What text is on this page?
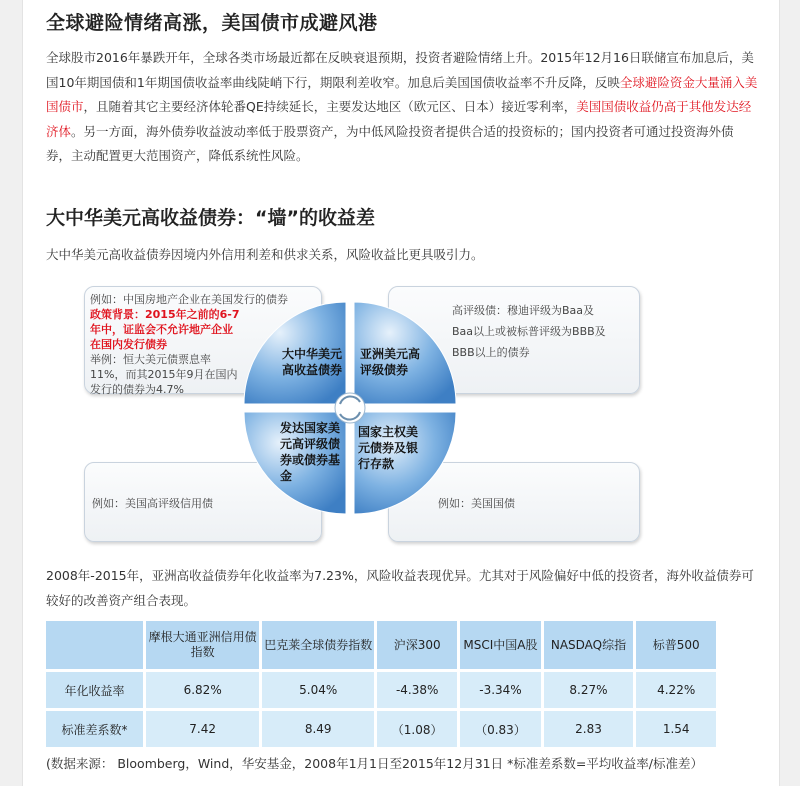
全球避险情绪高涨，美国债市成避风港
全球股市2016年暴跌开年，全球各类市场最近都在反映衰退预期，投资者避险情绪上升。2015年12月16日联储宣布加息后，美国10年期国债和1年期国债收益率曲线陡峭下行，期限利差收窄。加息后美国国债收益率不升反降，反映全球避险资金大量涌入美国债市，且随着其它主要经济体轮番QE持续延长，主要发达地区（欧元区、日本）接近零利率，美国国债收益仍高于其他发达经济体。另一方面，海外债券收益波动率低于股票资产，为中低风险投资者提供合适的投资标的；国内投资者可通过投资海外债券，主动配置更大范围资产，降低系统性风险。
大中华美元高收益债券：“墙”的收益差
大中华美元高收益债券因境内外信用利差和供求关系，风险收益比更具吸引力。
例如：中国房地产企业在美国发行的债券
政策背景：2015年之前的6-7年中，证监会不允许地产企业在国内发行债券
举例：恒大美元债票息率11%，而其2015年9月在国内发行的债券为4.7%
高评级债：穆迪评级为Baa及Baa以上或被标普评级为BBB及BBB以上的债券
例如：美国高评级信用债	例如：美国国债
大中华美元高收益债券
亚洲美元高评级债券
发达国家美元高评级债券或债券基金
国家主权美元债券及银行存款
2008年-2015年，亚洲高收益债券年化收益率为7.23%，风险收益表现优异。尤其对于风险偏好中低的投资者，海外收益债券可较好的改善资产组合表现。
	摩根大通亚洲信用债指数	巴克莱全球债券指数	沪深300	MSCI中国A股	NASDAQ综指	标普500
年化收益率	6.82%	5.04%	-4.38%	-3.34%	8.27%	4.22%
标准差系数*	7.42	8.49	（1.08）	（0.83）	2.83	1.54
(数据来源： Bloomberg，Wind，华安基金，2008年1月1日至2015年12月31日 *标准差系数=平均收益率/标准差）
